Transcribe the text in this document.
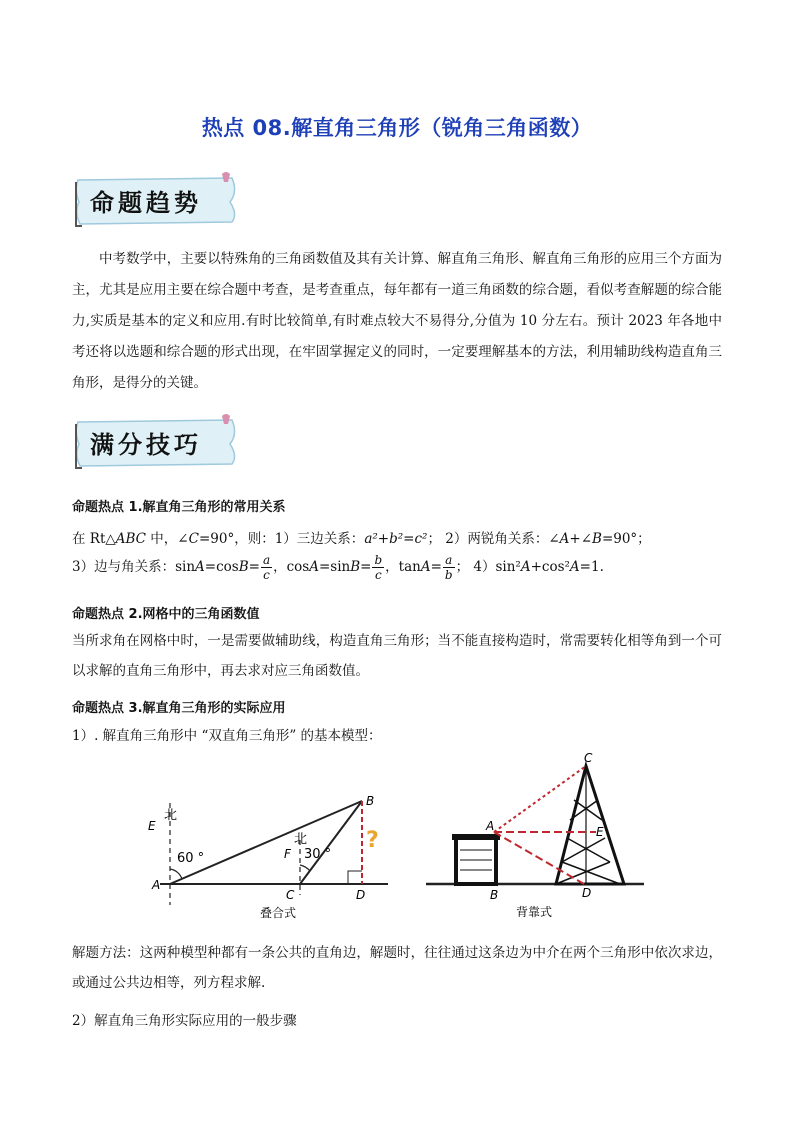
热点 08.解直角三角形（锐角三角函数）
命题趋势
中考数学中，主要以特殊角的三角函数值及其有关计算、解直角三角形、解直角三角形的应用三个方面为主，尤其是应用主要在综合题中考查，是考查重点，每年都有一道三角函数的综合题，看似考查解题的综合能力,实质是基本的定义和应用.有时比较简单,有时难点较大不易得分,分值为 10 分左右。预计 2023 年各地中考还将以选题和综合题的形式出现，在牢固掌握定义的同时，一定要理解基本的方法，利用辅助线构造直角三角形，是得分的关键。
满分技巧
命题热点 1.解直角三角形的常用关系
在 Rt△ABC 中，∠C=90°，则：1）三边关系：a²+b²=c²； 2）两锐角关系：∠A+∠B=90°；
3）边与角关系：$\sin A=\cos B= \frac{a}{c}$ ，$\cos A=\sin B= \frac{b}{c}$ ，$\tan A= \frac{a}{b}$ ； 4）sin²A+cos²A=1.
命题热点 2.网格中的三角函数值
当所求角在网格中时，一是需要做辅助线，构造直角三角形；当不能直接构造时，常需要转化相等角到一个可以求解的直角三角形中，再去求对应三角函数值。
命题热点 3.解直角三角形的实际应用
1）. 解直角三角形中 “双直角三角形” 的基本模型：
北
北
60 °	30 °
E
A
F
C
B
D
?
叠合式
C
A	E
B	D
背靠式
解题方法：这两种模型种都有一条公共的直角边，解题时，往往通过这条边为中介在两个三角形中依次求边，或通过公共边相等，列方程求解.
2）解直角三角形实际应用的一般步骤
